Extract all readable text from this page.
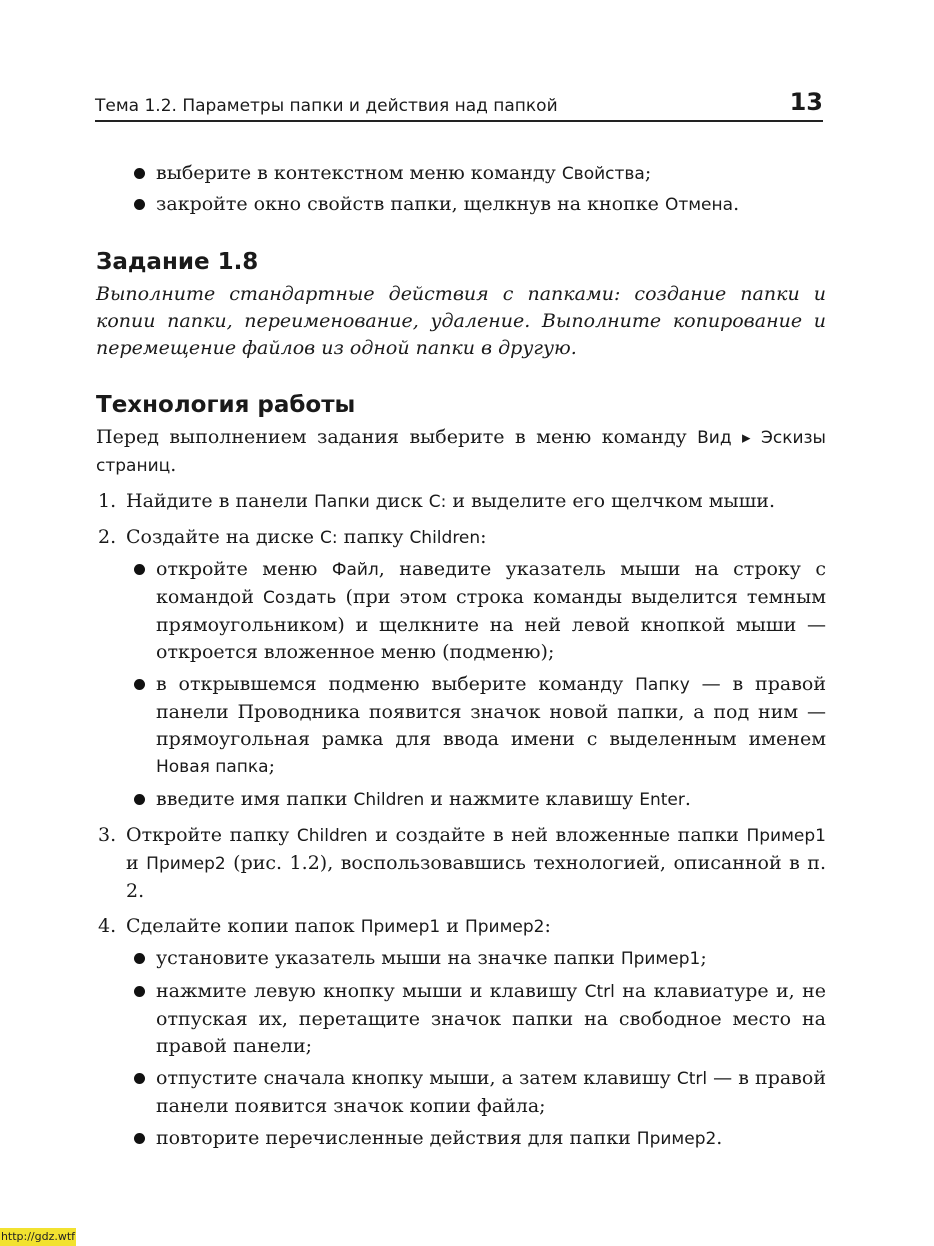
Тема 1.2. Параметры папки и действия над папкой	13
выберите в контекстном меню команду Свойства;
закройте окно свойств папки, щелкнув на кнопке Отмена.
Задание 1.8
Выполните стандартные действия с папками: создание папки и копии папки, переименование, удаление. Выполните копирование и перемещение файлов из одной папки в другую.
Технология работы
Перед выполнением задания выберите в меню команду Вид ▸ Эскизы страниц.
1. Найдите в панели Папки диск C: и выделите его щелчком мыши.
2. Создайте на диске C: папку Children:
откройте меню Файл, наведите указатель мыши на строку с командой Создать (при этом строка команды выделится темным прямоугольником) и щелкните на ней левой кнопкой мыши — откроется вложенное меню (подменю);
в открывшемся подменю выберите команду Папку — в правой панели Проводника появится значок новой папки, а под ним — прямоугольная рамка для ввода имени с выделенным именем Новая папка;
введите имя папки Children и нажмите клавишу Enter.
3. Откройте папку Children и создайте в ней вложенные папки Пример1 и Пример2 (рис. 1.2), воспользовавшись технологией, описанной в п. 2.
4. Сделайте копии папок Пример1 и Пример2:
установите указатель мыши на значке папки Пример1;
нажмите левую кнопку мыши и клавишу Ctrl на клавиатуре и, не отпуская их, перетащите значок папки на свободное место на правой панели;
отпустите сначала кнопку мыши, а затем клавишу Ctrl — в правой панели появится значок копии файла;
повторите перечисленные действия для папки Пример2.
http://gdz.wtf
